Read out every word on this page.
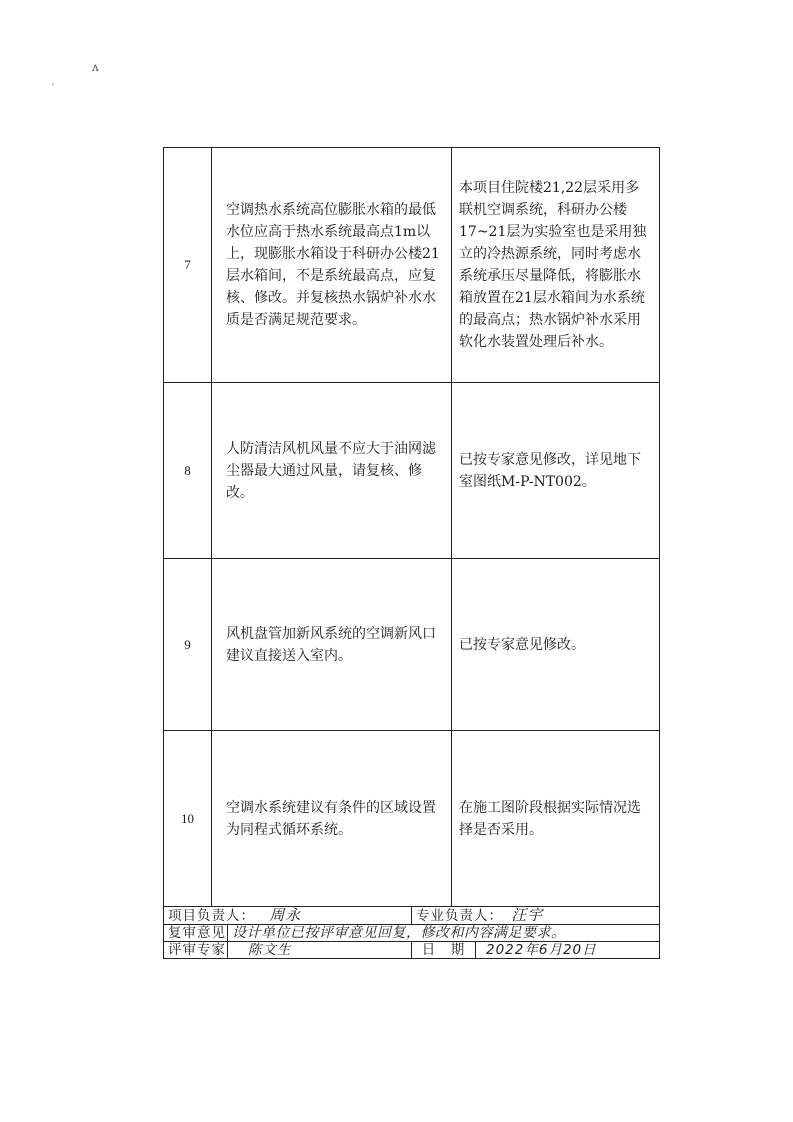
ʌ
˙
7	空调热水系统高位膨胀水箱的最低水位应高于热水系统最高点1m以上，现膨胀水箱设于科研办公楼21层水箱间，不是系统最高点，应复核、修改。并复核热水锅炉补水水质是否满足规范要求。	本项目住院楼21,22层采用多联机空调系统，科研办公楼17~21层为实验室也是采用独立的冷热源系统，同时考虑水系统承压尽量降低，将膨胀水箱放置在21层水箱间为水系统的最高点；热水锅炉补水采用软化水装置处理后补水。
8	人防清洁风机风量不应大于油网滤尘器最大通过风量，请复核、修改。	已按专家意见修改，详见地下室图纸M-P-NT002。
9	风机盘管加新风系统的空调新风口建议直接送入室内。	已按专家意见修改。
10	空调水系统建议有条件的区域设置为同程式循环系统。	在施工图阶段根据实际情况选择是否采用。
项目负责人： 周永		专业负责人： 汪宇	
复审意见	设计单位已按评审意见回复，修改和内容满足要求。		
评审专家	陈文生	日　期	2022年6月20日
